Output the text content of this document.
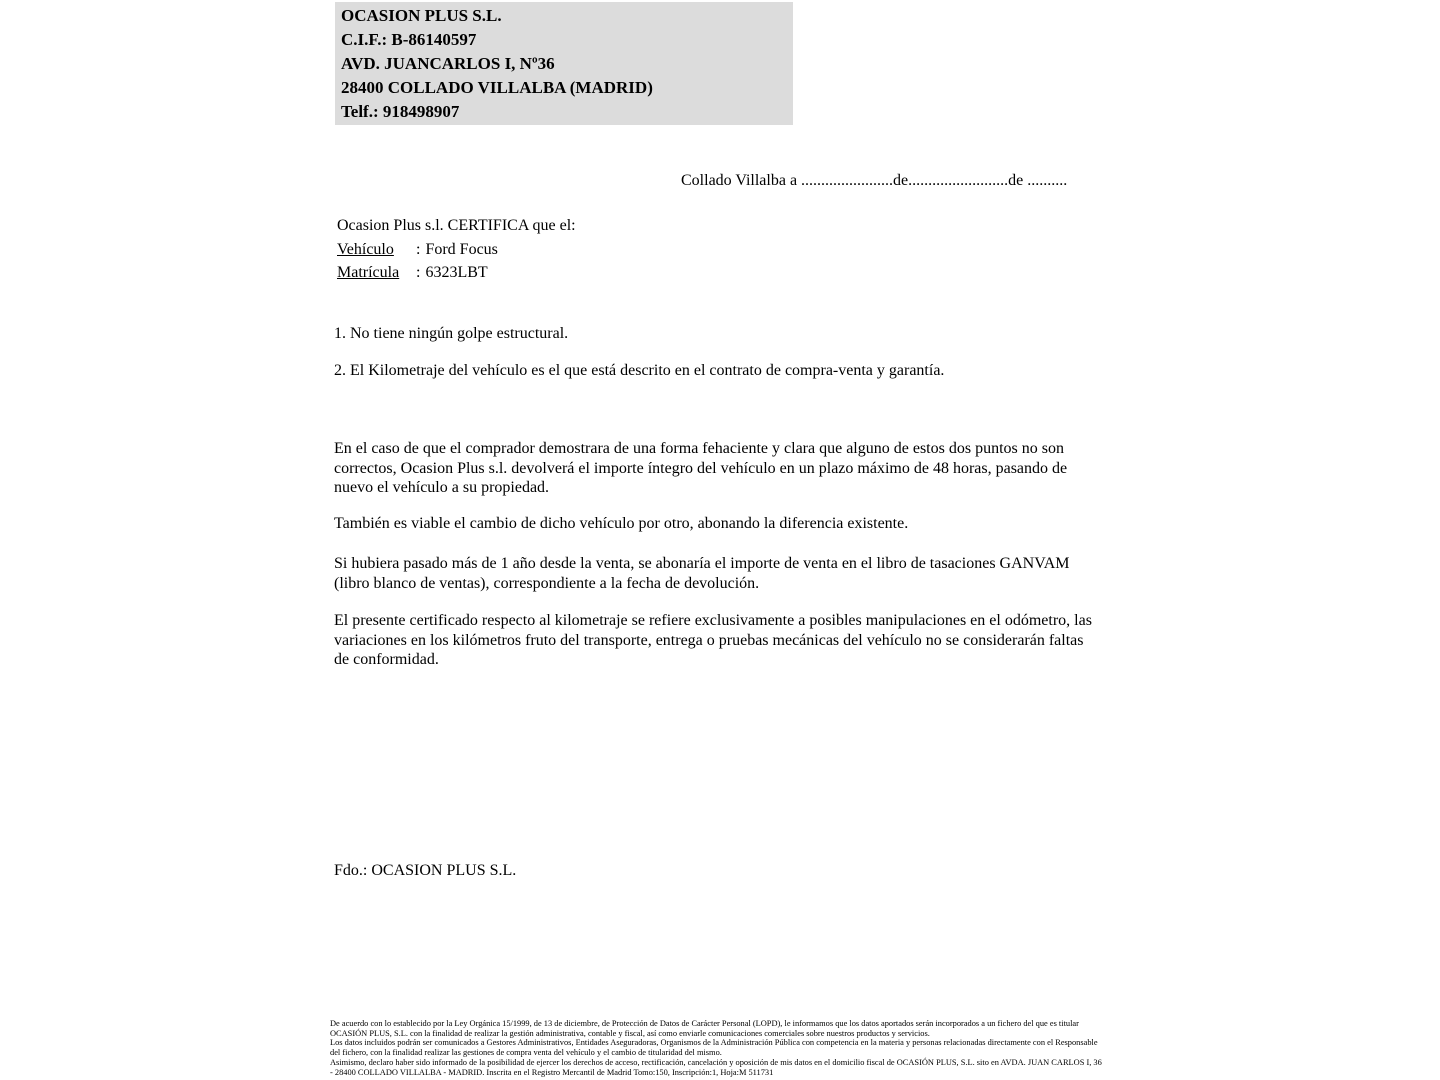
OCASION PLUS S.L.
C.I.F.: B-86140597
AVD. JUANCARLOS I, Nº36
28400 COLLADO VILLALBA (MADRID)
Telf.: 918498907
Collado Villalba a .......................de.........................de ..........
Ocasion Plus s.l. CERTIFICA que el:
Vehículo : Ford Focus
Matrícula : 6323LBT
1. No tiene ningún golpe estructural.
2. El Kilometraje del vehículo es el que está descrito en el contrato de compra-venta y garantía.
En el caso de que el comprador demostrara de una forma fehaciente y clara que alguno de estos dos puntos no son correctos, Ocasion Plus s.l. devolverá el importe íntegro del vehículo en un plazo máximo de 48 horas, pasando de nuevo el vehículo a su propiedad.
También es viable el cambio de dicho vehículo por otro, abonando la diferencia existente.
Si hubiera pasado más de 1 año desde la venta, se abonaría el importe de venta en el libro de tasaciones GANVAM (libro blanco de ventas), correspondiente a la fecha de devolución.
El presente certificado respecto al kilometraje se refiere exclusivamente a posibles manipulaciones en el odómetro, las variaciones en los kilómetros fruto del transporte, entrega o pruebas mecánicas del vehículo no se considerarán faltas de conformidad.
Fdo.: OCASION PLUS S.L.
De acuerdo con lo establecido por la Ley Orgánica 15/1999, de 13 de diciembre, de Protección de Datos de Carácter Personal (LOPD), le informamos que los datos aportados serán incorporados a un fichero del que es titular OCASIÓN PLUS, S.L. con la finalidad de realizar la gestión administrativa, contable y fiscal, así como enviarle comunicaciones comerciales sobre nuestros productos y servicios.
Los datos incluidos podrán ser comunicados a Gestores Administrativos, Entidades Aseguradoras, Organismos de la Administración Pública con competencia en la materia y personas relacionadas directamente con el Responsable del fichero, con la finalidad realizar las gestiones de compra venta del vehículo y el cambio de titularidad del mismo.
Asimismo, declaro haber sido informado de la posibilidad de ejercer los derechos de acceso, rectificación, cancelación y oposición de mis datos en el domicilio fiscal de OCASIÓN PLUS, S.L. sito en AVDA. JUAN CARLOS I, 36 - 28400 COLLADO VILLALBA - MADRID. Inscrita en el Registro Mercantil de Madrid Tomo:150, Inscripción:1, Hoja:M 511731
